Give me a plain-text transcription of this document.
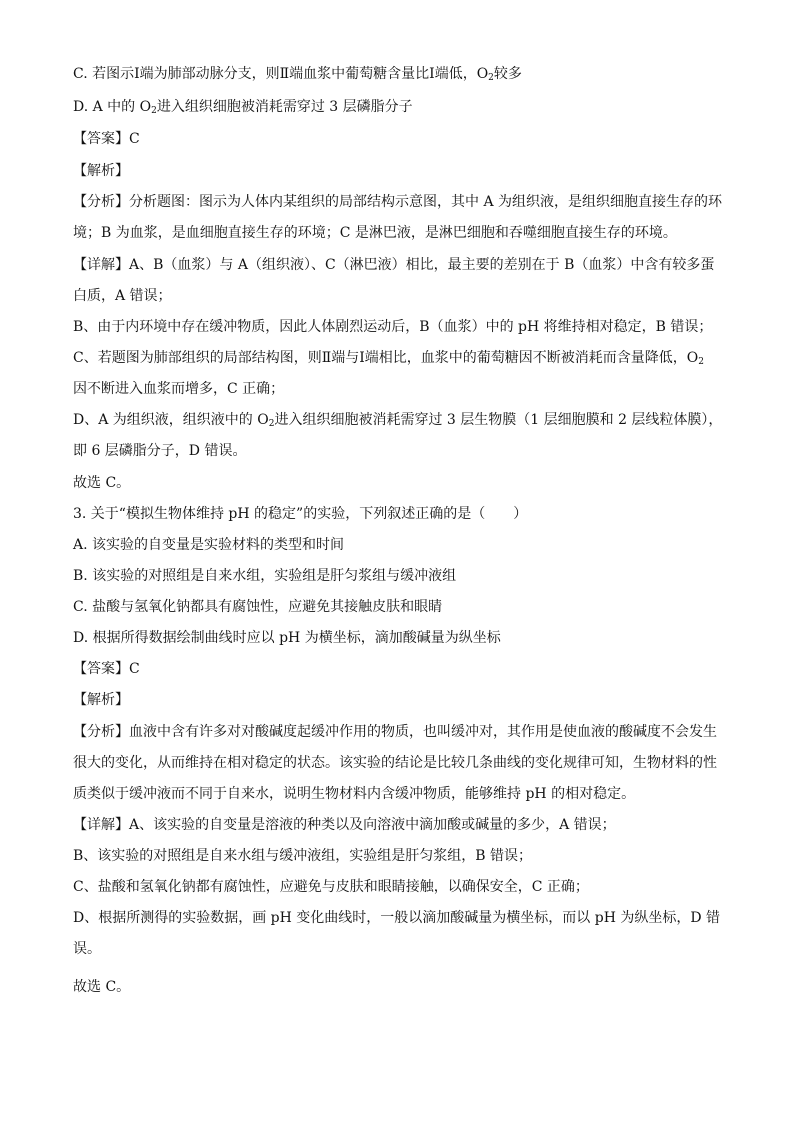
C. 若图示Ⅰ端为肺部动脉分支，则Ⅱ端血浆中葡萄糖含量比Ⅰ端低，$O_2$较多
D. A 中的 $O_2$进入组织细胞被消耗需穿过 3 层磷脂分子
【答案】C
【解析】
【分析】分析题图：图示为人体内某组织的局部结构示意图，其中 A 为组织液，是组织细胞直接生存的环
境；B 为血浆，是血细胞直接生存的环境；C 是淋巴液，是淋巴细胞和吞噬细胞直接生存的环境。
【详解】A、B（血浆）与 A（组织液）、C（淋巴液）相比，最主要的差别在于 B（血浆）中含有较多蛋
白质，A 错误；
B、由于内环境中存在缓冲物质，因此人体剧烈运动后，B（血浆）中的 pH 将维持相对稳定，B 错误；
C、若题图为肺部组织的局部结构图，则Ⅱ端与Ⅰ端相比，血浆中的葡萄糖因不断被消耗而含量降低，$O_2$
因不断进入血浆而增多，C 正确；
D、A 为组织液，组织液中的 $O_2$进入组织细胞被消耗需穿过 3 层生物膜（1 层细胞膜和 2 层线粒体膜），
即 6 层磷脂分子，D 错误。
故选 C。
3. 关于“模拟生物体维持 pH 的稳定”的实验，下列叙述正确的是（　　）
A. 该实验的自变量是实验材料的类型和时间
B. 该实验的对照组是自来水组，实验组是肝匀浆组与缓冲液组
C. 盐酸与氢氧化钠都具有腐蚀性，应避免其接触皮肤和眼睛
D. 根据所得数据绘制曲线时应以 pH 为横坐标，滴加酸碱量为纵坐标
【答案】C
【解析】
【分析】血液中含有许多对对酸碱度起缓冲作用的物质，也叫缓冲对，其作用是使血液的酸碱度不会发生
很大的变化，从而维持在相对稳定的状态。该实验的结论是比较几条曲线的变化规律可知，生物材料的性
质类似于缓冲液而不同于自来水，说明生物材料内含缓冲物质，能够维持 pH 的相对稳定。
【详解】A、该实验的自变量是溶液的种类以及向溶液中滴加酸或碱量的多少，A 错误；
B、该实验的对照组是自来水组与缓冲液组，实验组是肝匀浆组，B 错误；
C、盐酸和氢氧化钠都有腐蚀性，应避免与皮肤和眼睛接触，以确保安全，C 正确；
D、根据所测得的实验数据，画 pH 变化曲线时，一般以滴加酸碱量为横坐标，而以 pH 为纵坐标，D 错
误。
故选 C。
